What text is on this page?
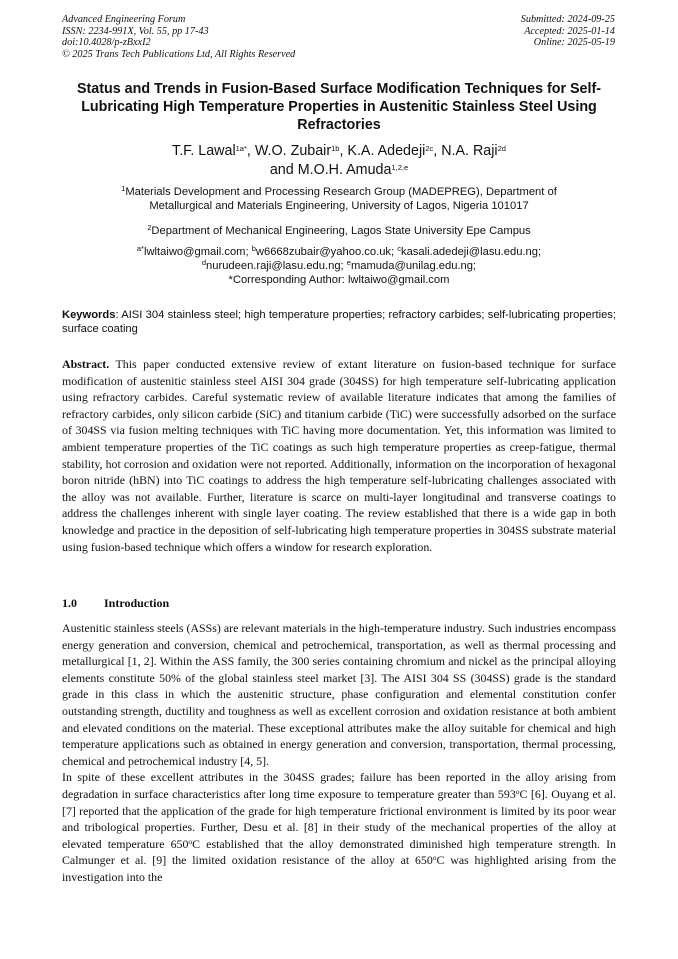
Advanced Engineering Forum
ISSN: 2234-991X, Vol. 55, pp 17-43
doi:10.4028/p-zBxxI2
© 2025 Trans Tech Publications Ltd, All Rights Reserved
Submitted: 2024-09-25
Accepted: 2025-01-14
Online: 2025-05-19
Status and Trends in Fusion-Based Surface Modification Techniques for Self-Lubricating High Temperature Properties in Austenitic Stainless Steel Using Refractories
T.F. Lawal$^{1a*}$, W.O. Zubair$^{1b}$, K.A. Adedeji$^{2c}$, N.A. Raji$^{2d}$
and M.O.H. Amuda$^{1,2,e}$
$^1$Materials Development and Processing Research Group (MADEPREG), Department of
Metallurgical and Materials Engineering, University of Lagos, Nigeria 101017
$^2$Department of Mechanical Engineering, Lagos State University Epe Campus
$^{a*}$lwltaiwo@gmail.com; $^b$w6668zubair@yahoo.co.uk; $^c$kasali.adedeji@lasu.edu.ng;
$^d$nurudeen.raji@lasu.edu.ng; $^e$mamuda@unilag.edu.ng;
*Corresponding Author: lwltaiwo@gmail.com
Keywords: AISI 304 stainless steel; high temperature properties; refractory carbides; self-lubricating properties; surface coating
Abstract. This paper conducted extensive review of extant literature on fusion-based technique for surface modification of austenitic stainless steel AISI 304 grade (304SS) for high temperature self-lubricating application using refractory carbides. Careful systematic review of available literature indicates that among the families of refractory carbides, only silicon carbide (SiC) and titanium carbide (TiC) were successfully adsorbed on the surface of 304SS via fusion melting techniques with TiC having more documentation. Yet, this information was limited to ambient temperature properties of the TiC coatings as such high temperature properties as creep-fatigue, thermal stability, hot corrosion and oxidation were not reported. Additionally, information on the incorporation of hexagonal boron nitride (hBN) into TiC coatings to address the high temperature self-lubricating challenges associated with the alloy was not available. Further, literature is scarce on multi-layer longitudinal and transverse coatings to address the challenges inherent with single layer coating. The review established that there is a wide gap in both knowledge and practice in the deposition of self-lubricating high temperature properties in 304SS substrate material using fusion-based technique which offers a window for research exploration.
1.0 Introduction

Austenitic stainless steels (ASSs) are relevant materials in the high-temperature industry. Such industries encompass energy generation and conversion, chemical and petrochemical, transportation, as well as thermal processing and metallurgical [1, 2]. Within the ASS family, the 300 series containing chromium and nickel as the principal alloying elements constitute 50% of the global stainless steel market [3]. The AISI 304 SS (304SS) grade is the standard grade in this class in which the austenitic structure, phase configuration and elemental constitution confer outstanding strength, ductility and toughness as well as excellent corrosion and oxidation resistance at both ambient and elevated conditions on the material. These exceptional attributes make the alloy suitable for chemical and high temperature applications such as obtained in energy generation and conversion, transportation, thermal processing, chemical and petrochemical industry [4, 5].

In spite of these excellent attributes in the 304SS grades; failure has been reported in the alloy arising from degradation in surface characteristics after long time exposure to temperature greater than 593$^o$C [6]. Ouyang et al. [7] reported that the application of the grade for high temperature frictional environment is limited by its poor wear and tribological properties. Further, Desu et al. [8] in their study of the mechanical properties of the alloy at elevated temperature 650$^o$C established that the alloy demonstrated diminished high temperature strength. In Calmunger et al. [9] the limited oxidation resistance of the alloy at 650$^o$C was highlighted arising from the investigation into the
